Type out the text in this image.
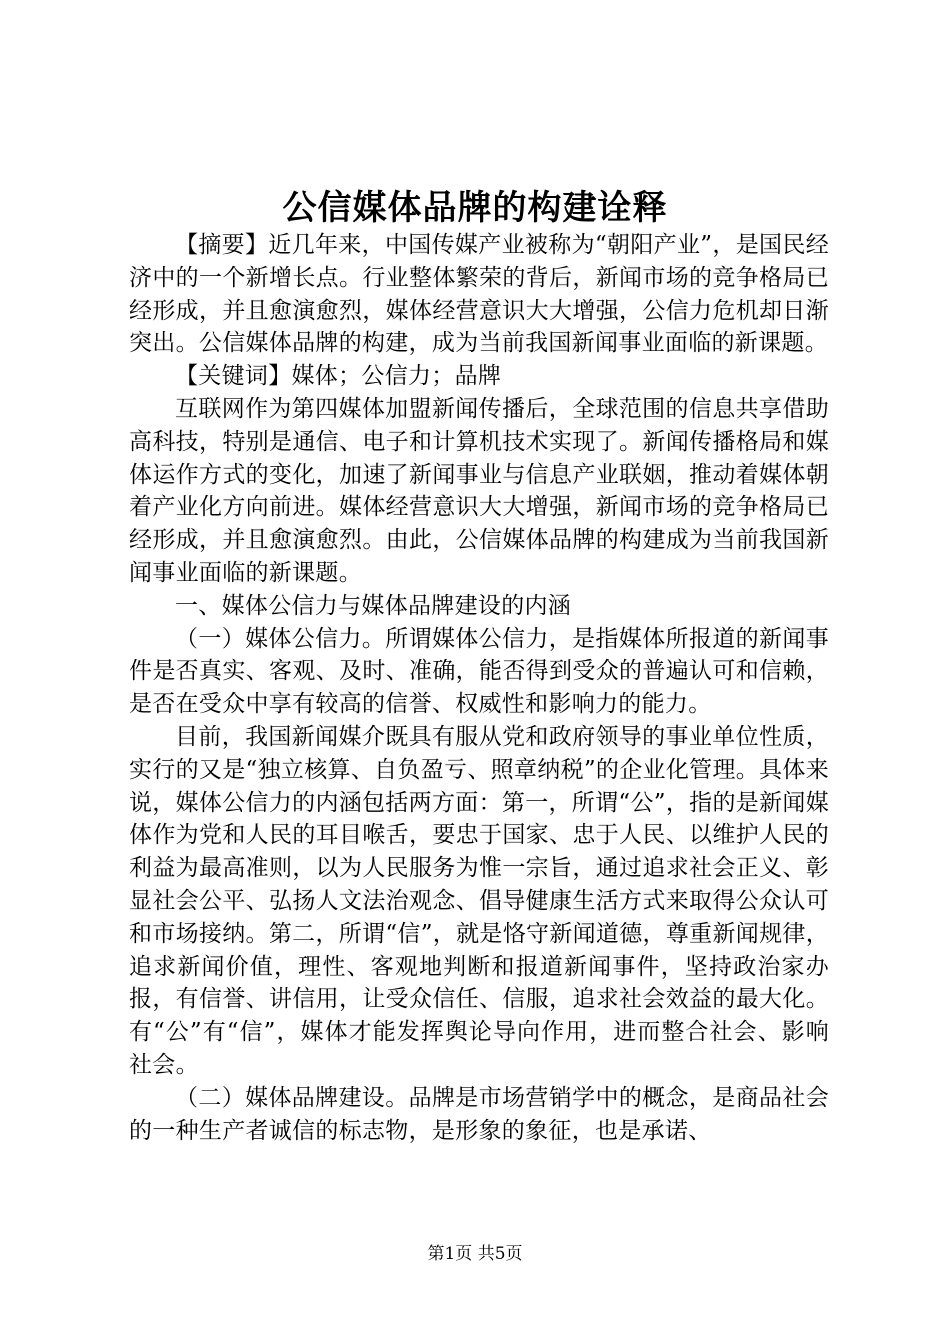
公信媒体品牌的构建诠释

【摘要】近几年来，中国传媒产业被称为“朝阳产业”，是国民经济中的一个新增长点。行业整体繁荣的背后，新闻市场的竞争格局已经形成，并且愈演愈烈，媒体经营意识大大增强，公信力危机却日渐突出。公信媒体品牌的构建，成为当前我国新闻事业面临的新课题。

【关键词】媒体；公信力；品牌

互联网作为第四媒体加盟新闻传播后，全球范围的信息共享借助高科技，特别是通信、电子和计算机技术实现了。新闻传播格局和媒体运作方式的变化，加速了新闻事业与信息产业联姻，推动着媒体朝着产业化方向前进。媒体经营意识大大增强，新闻市场的竞争格局已经形成，并且愈演愈烈。由此，公信媒体品牌的构建成为当前我国新闻事业面临的新课题。

一、媒体公信力与媒体品牌建设的内涵

（一）媒体公信力。所谓媒体公信力，是指媒体所报道的新闻事件是否真实、客观、及时、准确，能否得到受众的普遍认可和信赖，是否在受众中享有较高的信誉、权威性和影响力的能力。

目前，我国新闻媒介既具有服从党和政府领导的事业单位性质，实行的又是“独立核算、自负盈亏、照章纳税”的企业化管理。具体来说，媒体公信力的内涵包括两方面：第一，所谓“公”，指的是新闻媒体作为党和人民的耳目喉舌，要忠于国家、忠于人民、以维护人民的利益为最高准则，以为人民服务为惟一宗旨，通过追求社会正义、彰显社会公平、弘扬人文法治观念、倡导健康生活方式来取得公众认可和市场接纳。第二，所谓“信”，就是恪守新闻道德，尊重新闻规律，追求新闻价值，理性、客观地判断和报道新闻事件，坚持政治家办报，有信誉、讲信用，让受众信任、信服，追求社会效益的最大化。有“公”有“信”，媒体才能发挥舆论导向作用，进而整合社会、影响社会。

（二）媒体品牌建设。品牌是市场营销学中的概念，是商品社会的一种生产者诚信的标志物，是形象的象征，也是承诺、

第1页 共5页
